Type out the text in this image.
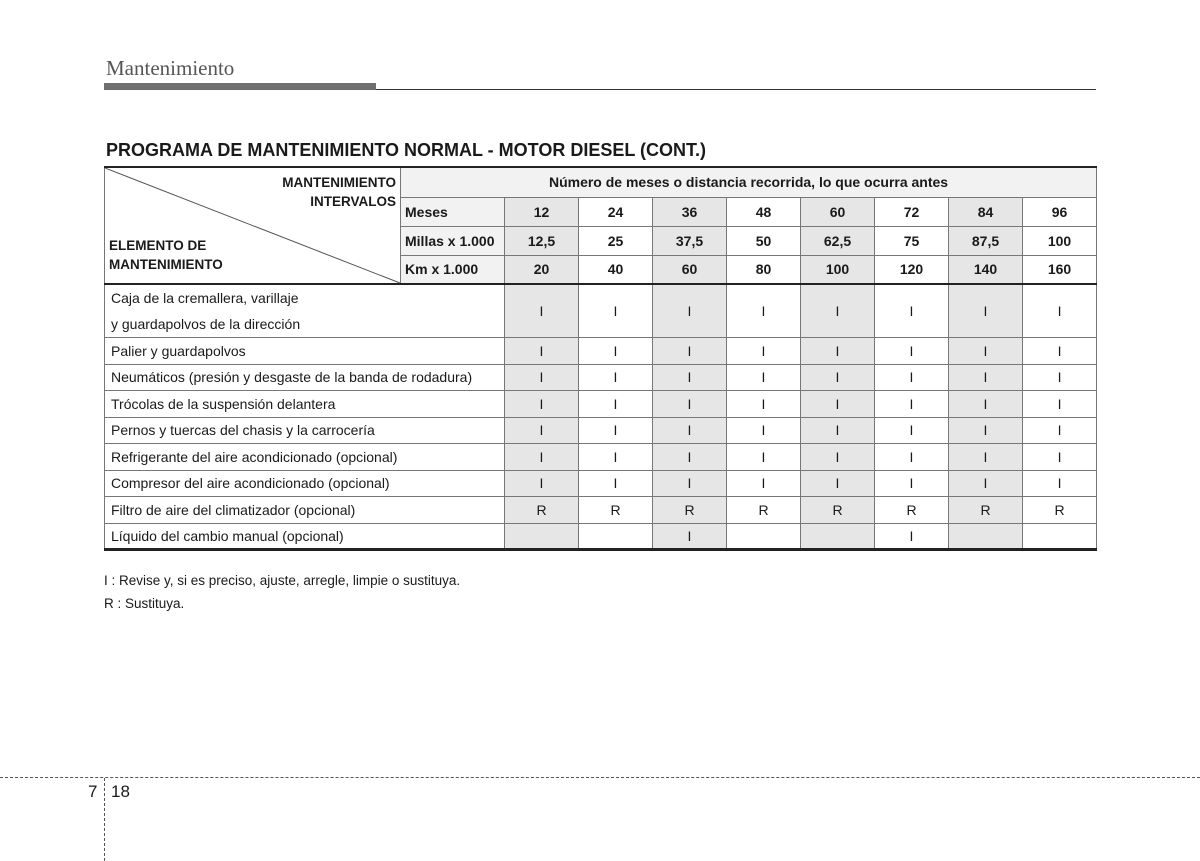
Mantenimiento
PROGRAMA DE MANTENIMIENTO NORMAL - MOTOR DIESEL (CONT.)
MANTENIMIENTO
INTERVALOS
ELEMENTO DE
MANTENIMIENTO	Número de meses o distancia recorrida, lo que ocurra antes								
	Meses	12	24	36	48	60	72	84	96
	Millas x 1.000	12,5	25	37,5	50	62,5	75	87,5	100
	Km x 1.000	20	40	60	80	100	120	140	160

Caja de la cremallera, varillaje
y guardapolvos de la dirección		I	I	I	I	I	I	I	I

Palier y guardapolvos		I	I	I	I	I	I	I	I

Neumáticos (presión y desgaste de la banda de rodadura)		I	I	I	I	I	I	I	I

Trócolas de la suspensión delantera		I	I	I	I	I	I	I	I

Pernos y tuercas del chasis y la carrocería		I	I	I	I	I	I	I	I

Refrigerante del aire acondicionado (opcional)		I	I	I	I	I	I	I	I

Compresor del aire acondicionado (opcional)		I	I	I	I	I	I	I	I

Filtro de aire del climatizador (opcional)		R	R	R	R	R	R	R	R

Líquido del cambio manual (opcional)				I			I		
I : Revise y, si es preciso, ajuste, arregle, limpie o sustituya.
R : Sustituya.
7 18
